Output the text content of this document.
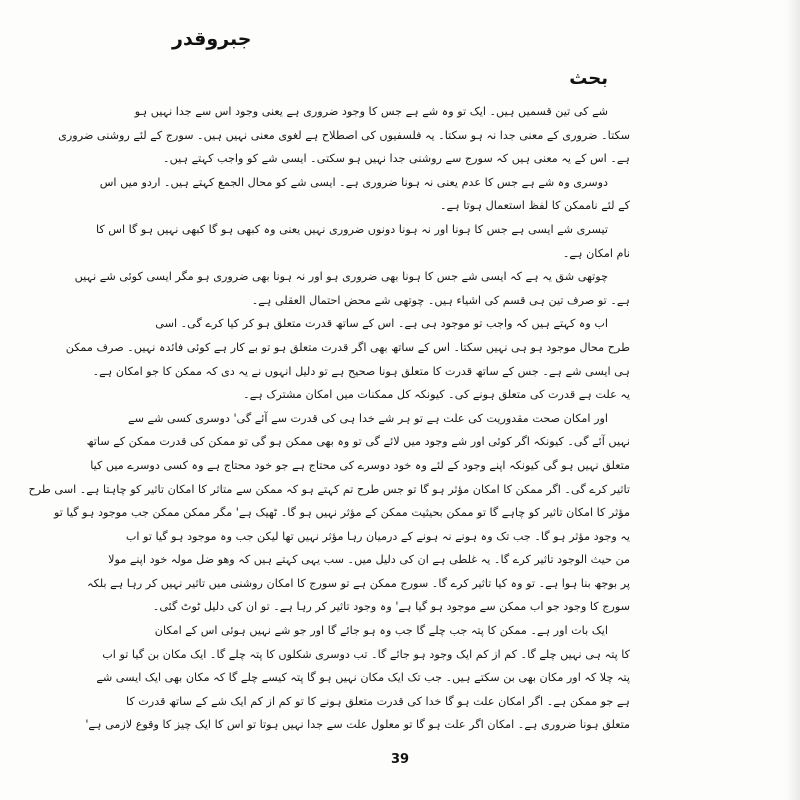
جبروقدر
بحث
شے کی تین قسمیں ہیں۔ ایک تو وہ شے ہے جس کا وجود ضروری ہے یعنی وجود اس سے جدا نہیں ہو
سکتا۔ ضروری کے معنی جدا نہ ہو سکتا۔ یہ فلسفیوں کی اصطلاح ہے لغوی معنی نہیں ہیں۔ سورج کے لئے روشنی ضروری
ہے۔ اس کے یہ معنی ہیں کہ سورج سے روشنی جدا نہیں ہو سکتی۔ ایسی شے کو واجب کہتے ہیں۔
دوسری وہ شے ہے جس کا عدم یعنی نہ ہونا ضروری ہے۔ ایسی شے کو محال الجمع کہتے ہیں۔ اردو میں اس
کے لئے ناممکن کا لفظ استعمال ہوتا ہے۔
تیسری شے ایسی ہے جس کا ہونا اور نہ ہونا دونوں ضروری نہیں یعنی وہ کبھی ہو گا کبھی نہیں ہو گا اس کا
نام امکان ہے۔
چوتھی شق یہ ہے کہ ایسی شے جس کا ہونا بھی ضروری ہو اور نہ ہونا بھی ضروری ہو مگر ایسی کوئی شے نہیں
ہے۔ تو صرف تین ہی قسم کی اشیاء ہیں۔ چوتھی شے محض احتمال العقلی ہے۔
اب وہ کہتے ہیں کہ واجب تو موجود ہی ہے۔ اس کے ساتھ قدرت متعلق ہو کر کیا کرے گی۔ اسی
طرح محال موجود ہو ہی نہیں سکتا۔ اس کے ساتھ بھی اگر قدرت متعلق ہو تو بے کار ہے کوئی فائدہ نہیں۔ صرف ممکن
ہی ایسی شے ہے۔ جس کے ساتھ قدرت کا متعلق ہونا صحیح ہے تو دلیل انہوں نے یہ دی کہ ممکن کا جو امکان ہے۔
یہ علت ہے قدرت کی متعلق ہونے کی۔ کیونکہ کل ممکنات میں امکان مشترک ہے۔
اور امکان صحت مقدوریت کی علت ہے تو ہر شے خدا ہی کی قدرت سے آئے گی' دوسری کسی شے سے
نہیں آئے گی۔ کیونکہ اگر کوئی اور شے وجود میں لائے گی تو وہ بھی ممکن ہو گی تو ممکن کی قدرت ممکن کے ساتھ
متعلق نہیں ہو گی کیونکہ اپنے وجود کے لئے وہ خود دوسرے کی محتاج ہے جو خود محتاج ہے وہ کسی دوسرے میں کیا
تاثیر کرے گی۔ اگر ممکن کا امکان مؤثر ہو گا تو جس طرح تم کہتے ہو کہ ممکن سے متاثر کا امکان تاثیر کو چاہتا ہے۔ اسی طرح
مؤثر کا امکان تاثیر کو چاہے گا تو ممکن بحیثیت ممکن کے مؤثر نہیں ہو گا۔ ٹھیک ہے' مگر ممکن ممکن جب موجود ہو گیا تو
یہ وجود مؤثر ہو گا۔ جب تک وہ ہونے نہ ہونے کے درمیان رہا مؤثر نہیں تھا لیکن جب وہ موجود ہو گیا تو اب
من حیث الوجود تاثیر کرے گا۔ یہ غلطی ہے ان کی دلیل میں۔ سب یہی کہتے ہیں کہ وھو ضل مولہ خود اپنے مولا
پر بوجھ بنا ہوا ہے۔ تو وہ کیا تاثیر کرے گا۔ سورج ممکن ہے تو سورج کا امکان روشنی میں تاثیر نہیں کر رہا ہے بلکہ
سورج کا وجود جو اب ممکن سے موجود ہو گیا ہے' وہ وجود تاثیر کر رہا ہے۔ تو ان کی دلیل ٹوٹ گئی۔
ایک بات اور ہے۔ ممکن کا پتہ جب چلے گا جب وہ ہو جائے گا اور جو شے نہیں ہوئی اس کے امکان
کا پتہ ہی نہیں چلے گا۔ کم از کم ایک وجود ہو جائے گا۔ تب دوسری شکلوں کا پتہ چلے گا۔ ایک مکان بن گیا تو اب
پتہ چلا کہ اور مکان بھی بن سکتے ہیں۔ جب تک ایک مکان نہیں ہو گا پتہ کیسے چلے گا کہ مکان بھی ایک ایسی شے
ہے جو ممکن ہے۔ اگر امکان علت ہو گا خدا کی قدرت متعلق ہونے کا تو کم از کم ایک شے کے ساتھ قدرت کا
متعلق ہونا ضروری ہے۔ امکان اگر علت ہو گا تو معلول علت سے جدا نہیں ہوتا تو اس کا ایک چیز کا وقوع لازمی ہے'
39
